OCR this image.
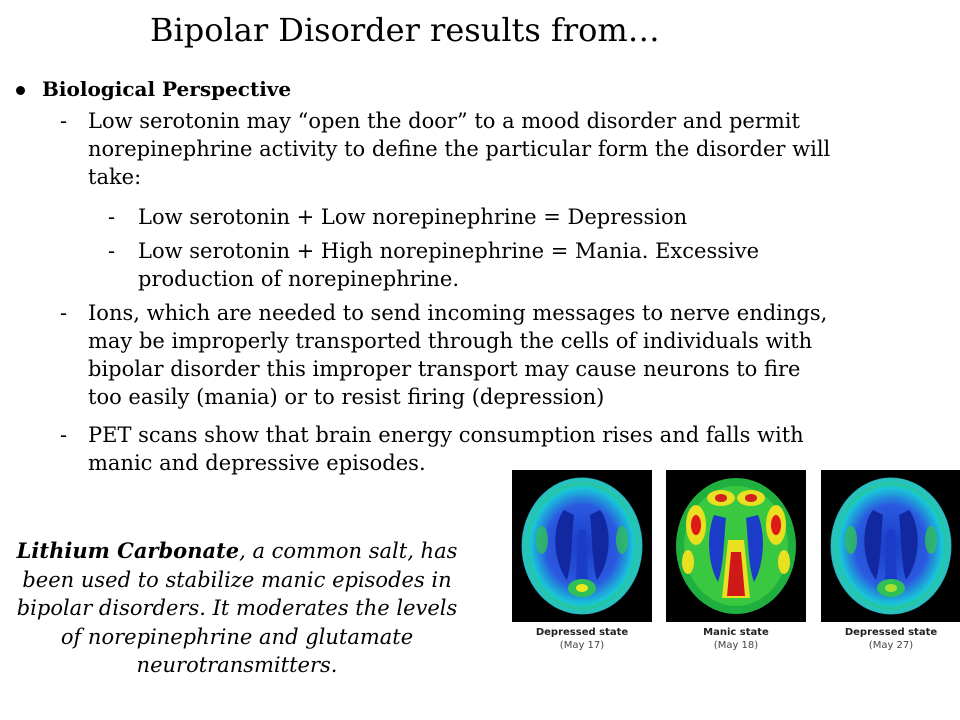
Bipolar Disorder results from…
Biological Perspective
- Low serotonin may “open the door” to a mood disorder and permit
norepinephrine activity to define the particular form the disorder will
take:
- Low serotonin + Low norepinephrine = Depression
- Low serotonin + High norepinephrine = Mania. Excessive
production of norepinephrine.
- Ions, which are needed to send incoming messages to nerve endings,
may be improperly transported through the cells of individuals with
bipolar disorder this improper transport may cause neurons to fire
too easily (mania) or to resist firing (depression)
- PET scans show that brain energy consumption rises and falls with
manic and depressive episodes.
Lithium Carbonate, a common salt, has been used to stabilize manic episodes in bipolar disorders. It moderates the levels of norepinephrine and glutamate neurotransmitters.
Depressed state
(May 17)
Manic state
(May 18)
Depressed state
(May 27)
